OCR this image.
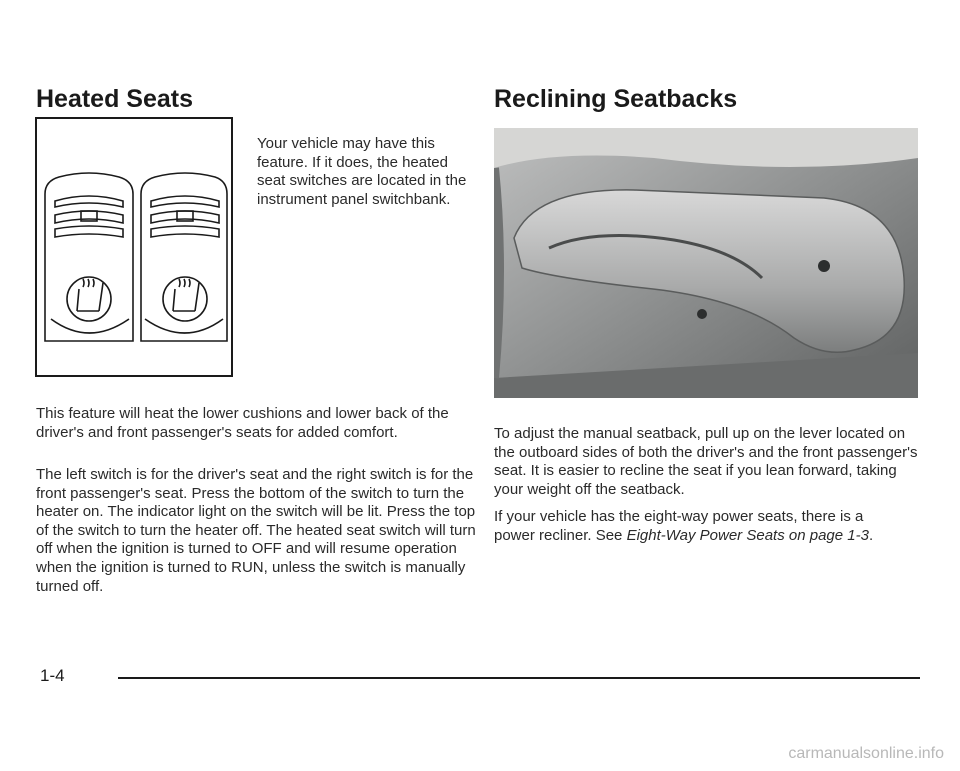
Heated Seats

Your vehicle may have this feature. If it does, the heated seat switches are located in the instrument panel switchbank.

This feature will heat the lower cushions and lower back of the driver's and front passenger's seats for added comfort.

The left switch is for the driver's seat and the right switch is for the front passenger's seat. Press the bottom of the switch to turn the heater on. The indicator light on the switch will be lit. Press the top of the switch to turn the heater off. The heated seat switch will turn off when the ignition is turned to OFF and will resume operation when the ignition is turned to RUN, unless the switch is manually turned off.

Reclining Seatbacks

To adjust the manual seatback, pull up on the lever located on the outboard sides of both the driver's and the front passenger's seat. It is easier to recline the seat if you lean forward, taking your weight off the seatback.

If your vehicle has the eight-way power seats, there is a power recliner. See Eight-Way Power Seats on page 1-3.

1-4

carmanualsonline.info
